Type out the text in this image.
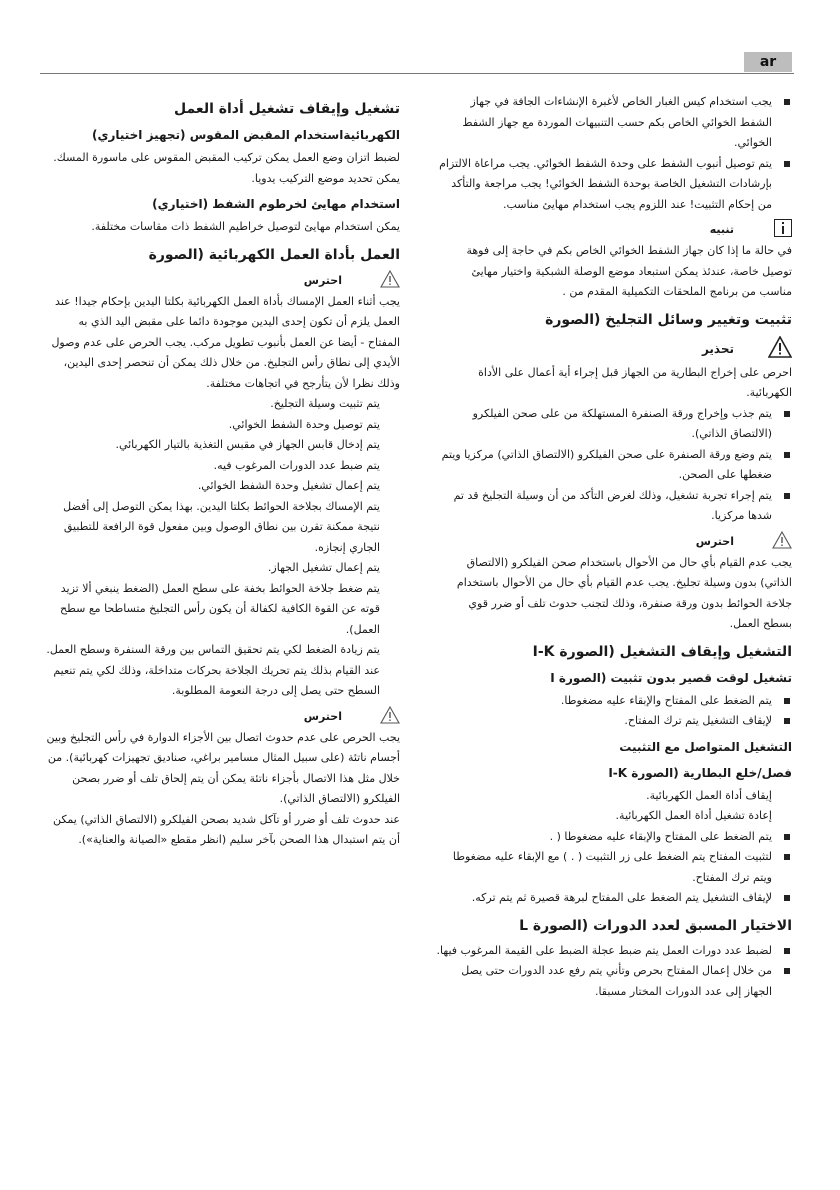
ar

يجب استخدام كيس الغبار الخاص لأغبرة الإنشاءات الجافة في جهاز الشفط الخوائي الخاص بكم حسب التنبيهات الموردة مع جهاز الشفط الخوائي.

يتم توصيل أنبوب الشفط على وحدة الشفط الخوائي. يجب مراعاة الالتزام بإرشادات التشغيل الخاصة بوحدة الشفط الخوائي! يجب مراجعة والتأكد من إحكام التثبيت! عند اللزوم يجب استخدام مهايئ مناسب.

تنبيه

في حالة ما إذا كان جهاز الشفط الخوائي الخاص بكم في حاجة إلى فوهة توصيل خاصة، عندئذ يمكن استبعاد موضع الوصلة الشبكية واختيار مهايئ مناسب من برنامج الملحقات التكميلية المقدم من .

تثبيت وتغيير وسائل التجليخ (الصورة
تحذير

احرص على إخراج البطارية من الجهاز قبل إجراء أية أعمال على الأداة الكهربائية.

يتم جذب وإخراج ورقة الصنفرة المستهلكة من على صحن الفيلكرو (الالتصاق الذاتي).

يتم وضع ورقة الصنفرة على صحن الفيلكرو (الالتصاق الذاتي) مركزيا ويتم ضغطها على الصحن.

يتم إجراء تجربة تشغيل، وذلك لغرض التأكد من أن وسيلة التجليخ قد تم شدها مركزيا.

احترس

يجب عدم القيام بأي حال من الأحوال باستخدام صحن الفيلكرو (الالتصاق الذاتي) بدون وسيلة تجليخ. يجب عدم القيام بأي حال من الأحوال باستخدام جلاخة الحوائط بدون ورقة صنفرة، وذلك لتجنب حدوث تلف أو ضرر قوي بسطح العمل.

التشغيل وإيقاف التشغيل (الصورة I-K
تشغيل لوقت قصير بدون تثبيت (الصورة I

يتم الضغط على المفتاح والإبقاء عليه مضغوطا.

لإيقاف التشغيل يتم ترك المفتاح.

التشغيل المتواصل مع التثبيت
فصل/خلع البطارية (الصورة I-K

إيقاف أداة العمل الكهربائية.

إعادة تشغيل أداة العمل الكهربائية.

يتم الضغط على المفتاح والإبقاء عليه مضغوطا ( .

لتثبيت المفتاح يتم الضغط على زر التثبيت ( . ) مع الإبقاء عليه مضغوطا ويتم ترك المفتاح.

لإيقاف التشغيل يتم الضغط على المفتاح لبرهة قصيرة ثم يتم تركه.

الاختيار المسبق لعدد الدورات (الصورة L

لضبط عدد دورات العمل يتم ضبط عجلة الضبط على القيمة المرغوب فيها.

من خلال إعمال المفتاح بحرص وتأني يتم رفع عدد الدورات حتى يصل الجهاز إلى عدد الدورات المختار مسبقا.

تشغيل وإيقاف تشغيل أداة العمل
الكهربائيةاستخدام المقبض المقوس (تجهيز اختياري)

لضبط اتزان وضع العمل يمكن تركيب المقبض المقوس على ماسورة المسك. يمكن تحديد موضع التركيب يدويا.

استخدام مهايئ لخرطوم الشفط (اختياري)

يمكن استخدام مهايئ لتوصيل خراطيم الشفط ذات مقاسات مختلفة.

العمل بأداة العمل الكهربائية (الصورة
احترس

يجب أثناء العمل الإمساك بأداة العمل الكهربائية بكلتا اليدين بإحكام جيدا! عند العمل يلزم أن تكون إحدى اليدين موجودة دائما على مقبض اليد الذي به المفتاح - أيضا عن العمل بأنبوب تطويل مركب. يجب الحرص على عدم وصول الأيدي إلى نطاق رأس التجليخ. من خلال ذلك يمكن أن تنحصر إحدى اليدين، وذلك نظرا لأن يتأرجح في اتجاهات مختلفة.

يتم تثبيت وسيلة التجليخ.

يتم توصيل وحدة الشفط الخوائي.

يتم إدخال قابس الجهاز في مقبس التغذية بالتيار الكهربائي.

يتم ضبط عدد الدورات المرغوب فيه.

يتم إعمال تشغيل وحدة الشفط الخوائي.

يتم الإمساك بجلاخة الحوائط بكلتا اليدين. بهذا يمكن التوصل إلى أفضل نتيجة ممكنة تقرن بين نطاق الوصول وبين مفعول قوة الرافعة للتطبيق الجاري إنجازه.

يتم إعمال تشغيل الجهاز.

يتم ضغط جلاخة الحوائط بخفة على سطح العمل (الضغط ينبغي ألا تزيد قوته عن القوة الكافية لكفالة أن يكون رأس التجليخ متساطحا مع سطح العمل).

يتم زيادة الضغط لكي يتم تحقيق التماس بين ورقة السنفرة وسطح العمل. عند القيام بذلك يتم تحريك الجلاخة بحركات متداخلة، وذلك لكي يتم تنعيم السطح حتى يصل إلى درجة النعومة المطلوبة.

احترس

يجب الحرص على عدم حدوث اتصال بين الأجزاء الدوارة في رأس التجليخ وبين أجسام ناتئة (على سبيل المثال مسامير براغي، صناديق تجهيزات كهربائية). من خلال مثل هذا الاتصال بأجزاء ناتئة يمكن أن يتم إلحاق تلف أو ضرر بصحن الفيلكرو (الالتصاق الذاتي).

عند حدوث تلف أو ضرر أو تآكل شديد بصحن الفيلكرو (الالتصاق الذاتي) يمكن أن يتم استبدال هذا الصحن بآخر سليم (انظر مقطع «الصيانة والعناية»).
